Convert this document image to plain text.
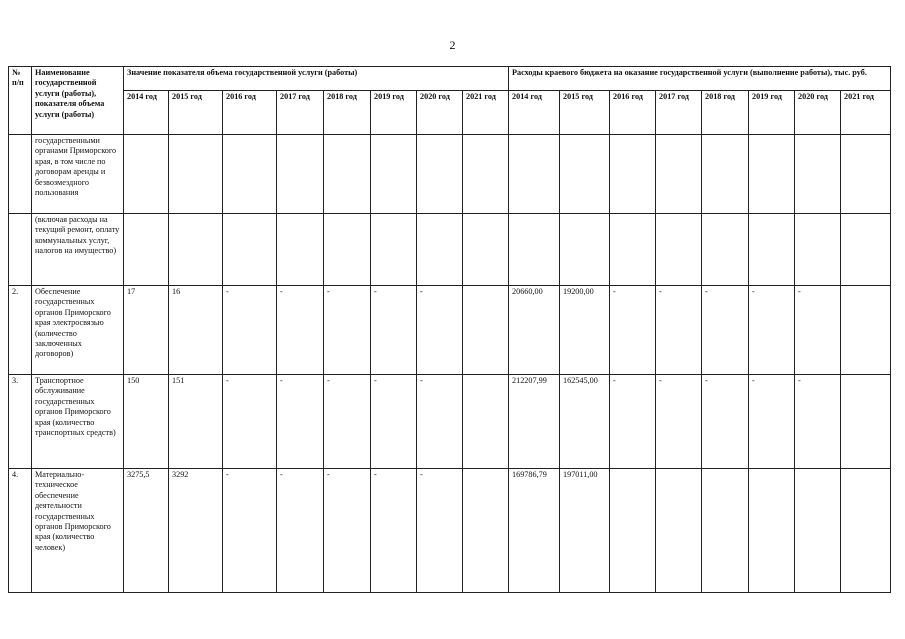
2
№ п/п	Наименование государственной услуги (работы), показателя объема услуги (работы)	Значение показателя объема государственной услуги (работы)								Расходы краевого бюджета на оказание государственной услуги (выполнение работы), тыс. руб.							
		2014 год	2015 год	2016 год	2017 год	2018 год	2019 год	2020 год	2021 год	2014 год	2015 год	2016 год	2017 год	2018 год	2019 год	2020 год	2021 год
	государственными органами Приморского края, в том числе по договорам аренды и безвозмездного пользования																
	(включая расходы на текущий ремонт, оплату коммунальных услуг, налогов на имущество)																
2.	Обеспечение государственных органов Приморского края электросвязью (количество заключенных договоров)	17	16	-	-	-	-	-		20660,00	19200,00	-	-	-	-	-	
3.	Транспортное обслуживание государственных органов Приморского края (количество транспортных средств)	150	151	-	-	-	-	-		212207,99	162545,00	-	-	-	-	-	
4.	Материально-техническое обеспечение деятельности государственных органов Приморского края (количество человек)	3275,5	3292	-	-	-	-	-		169786,79	197011,00						
